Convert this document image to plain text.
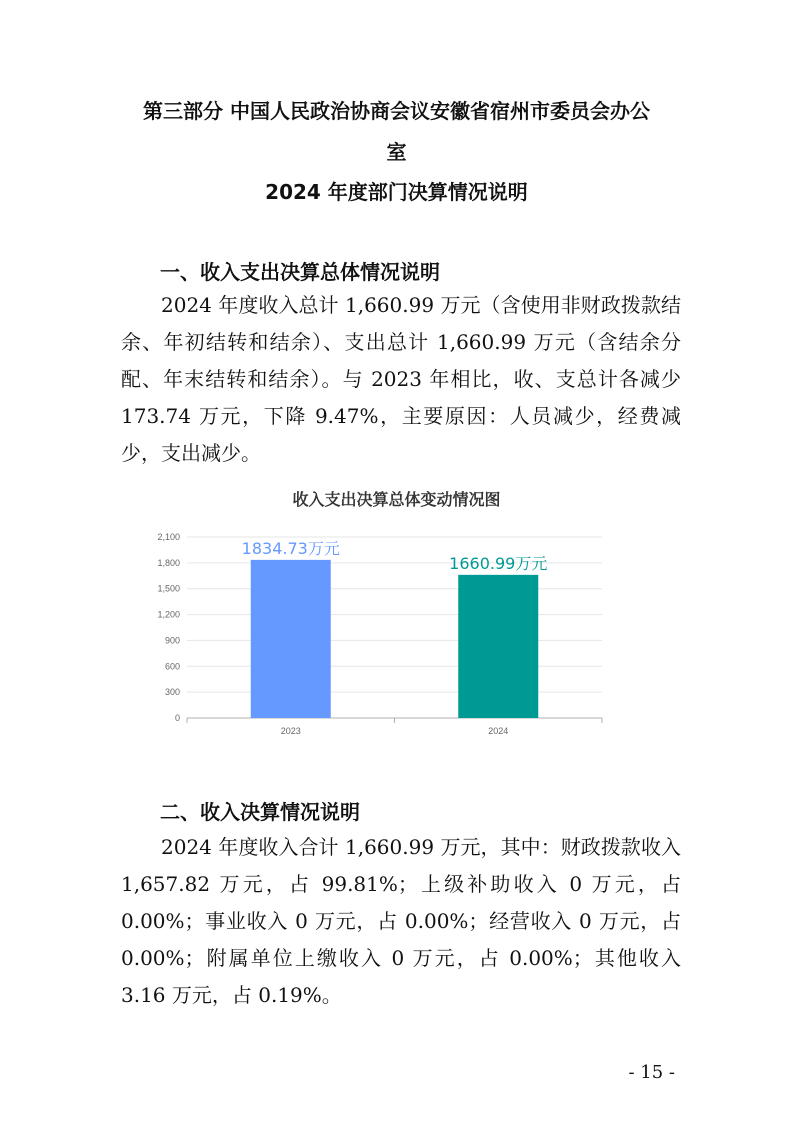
第三部分 中国人民政治协商会议安徽省宿州市委员会办公
室
2024 年度部门决算情况说明
一、收入支出决算总体情况说明
2024 年度收入总计 1,660.99 万元（含使用非财政拨款结余、年初结转和结余）、支出总计 1,660.99 万元（含结余分配、年末结转和结余）。与 2023 年相比，收、支总计各减少 173.74 万元，下降 9.47%，主要原因：人员减少，经费减少，支出减少。
收入支出决算总体变动情况图
0
300
600
900
1,200
1,500
1,800
2,100
1834.73万元
2023
1660.99万元
2024
二、收入决算情况说明
2024 年度收入合计 1,660.99 万元，其中：财政拨款收入 1,657.82 万元，占 99.81%；上级补助收入 0 万元，占 0.00%；事业收入 0 万元，占 0.00%；经营收入 0 万元，占 0.00%；附属单位上缴收入 0 万元，占 0.00%；其他收入 3.16 万元，占 0.19%。
- 15 -
